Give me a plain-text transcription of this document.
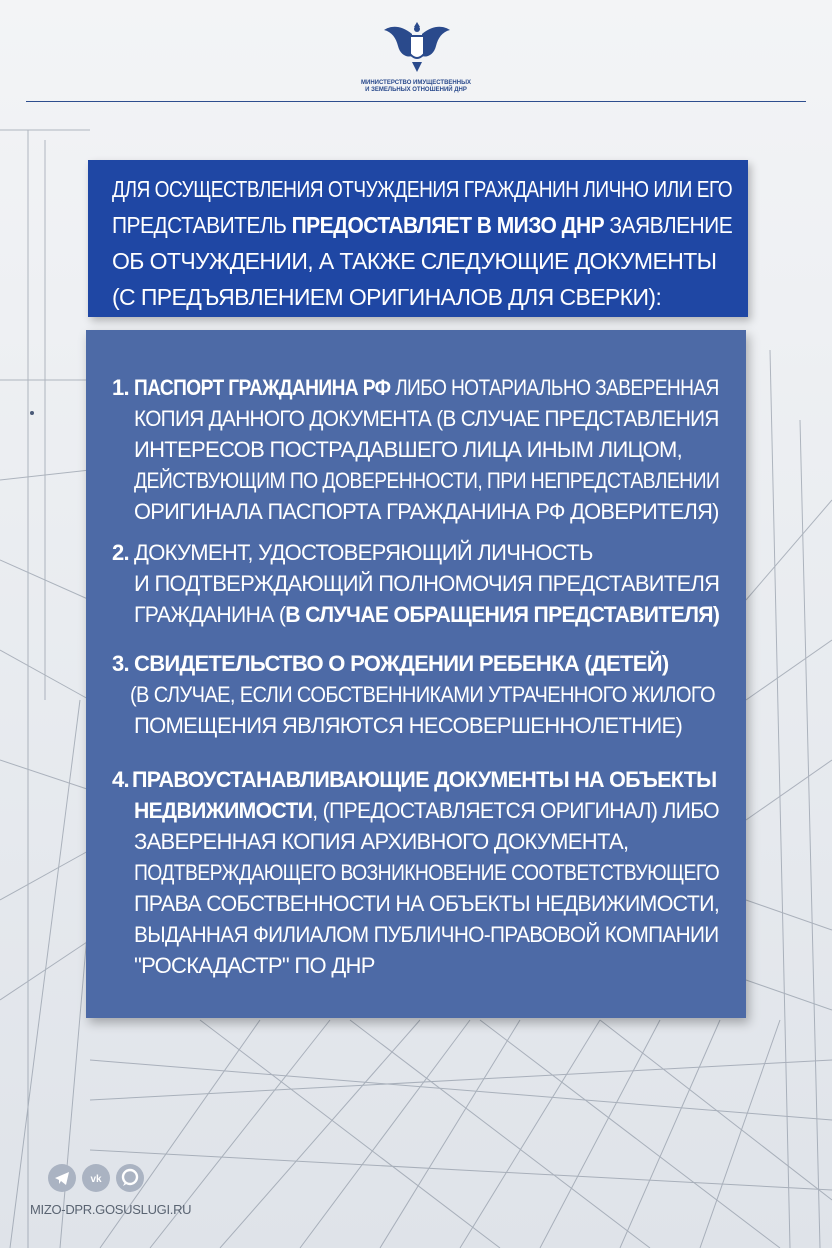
МИНИСТЕРСТВО ИМУЩЕСТВЕННЫХ
И ЗЕМЕЛЬНЫХ ОТНОШЕНИЙ ДНР
ДЛЯ ОСУЩЕСТВЛЕНИЯ ОТЧУЖДЕНИЯ ГРАЖДАНИН ЛИЧНО ИЛИ ЕГО
ПРЕДСТАВИТЕЛЬ ПРЕДОСТАВЛЯЕТ В МИЗО ДНР ЗАЯВЛЕНИЕ
ОБ ОТЧУЖДЕНИИ, А ТАКЖЕ СЛЕДУЮЩИЕ ДОКУМЕНТЫ
(С ПРЕДЪЯВЛЕНИЕМ ОРИГИНАЛОВ ДЛЯ СВЕРКИ):
1. ПАСПОРТ ГРАЖДАНИНА РФ ЛИБО НОТАРИАЛЬНО ЗАВЕРЕННАЯ
КОПИЯ ДАННОГО ДОКУМЕНТА (В СЛУЧАЕ ПРЕДСТАВЛЕНИЯ
ИНТЕРЕСОВ ПОСТРАДАВШЕГО ЛИЦА ИНЫМ ЛИЦОМ,
ДЕЙСТВУЮЩИМ ПО ДОВЕРЕННОСТИ, ПРИ НЕПРЕДСТАВЛЕНИИ
ОРИГИНАЛА ПАСПОРТА ГРАЖДАНИНА РФ ДОВЕРИТЕЛЯ)
2. ДОКУМЕНТ, УДОСТОВЕРЯЮЩИЙ ЛИЧНОСТЬ
И ПОДТВЕРЖДАЮЩИЙ ПОЛНОМОЧИЯ ПРЕДСТАВИТЕЛЯ
ГРАЖДАНИНА (В СЛУЧАЕ ОБРАЩЕНИЯ ПРЕДСТАВИТЕЛЯ)
3. СВИДЕТЕЛЬСТВО О РОЖДЕНИИ РЕБЕНКА (ДЕТЕЙ)
(В СЛУЧАЕ, ЕСЛИ СОБСТВЕННИКАМИ УТРАЧЕННОГО ЖИЛОГО
ПОМЕЩЕНИЯ ЯВЛЯЮТСЯ НЕСОВЕРШЕННОЛЕТНИЕ)
4. ПРАВОУСТАНАВЛИВАЮЩИЕ ДОКУМЕНТЫ НА ОБЪЕКТЫ
НЕДВИЖИМОСТИ, (ПРЕДОСТАВЛЯЕТСЯ ОРИГИНАЛ) ЛИБО
ЗАВЕРЕННАЯ КОПИЯ АРХИВНОГО ДОКУМЕНТА,
ПОДТВЕРЖДАЮЩЕГО ВОЗНИКНОВЕНИЕ СООТВЕТСТВУЮЩЕГО
ПРАВА СОБСТВЕННОСТИ НА ОБЪЕКТЫ НЕДВИЖИМОСТИ,
ВЫДАННАЯ ФИЛИАЛОМ ПУБЛИЧНО-ПРАВОВОЙ КОМПАНИИ
"РОСКАДАСТР" ПО ДНР
vk
MIZO-DPR.GOSUSLUGI.RU
